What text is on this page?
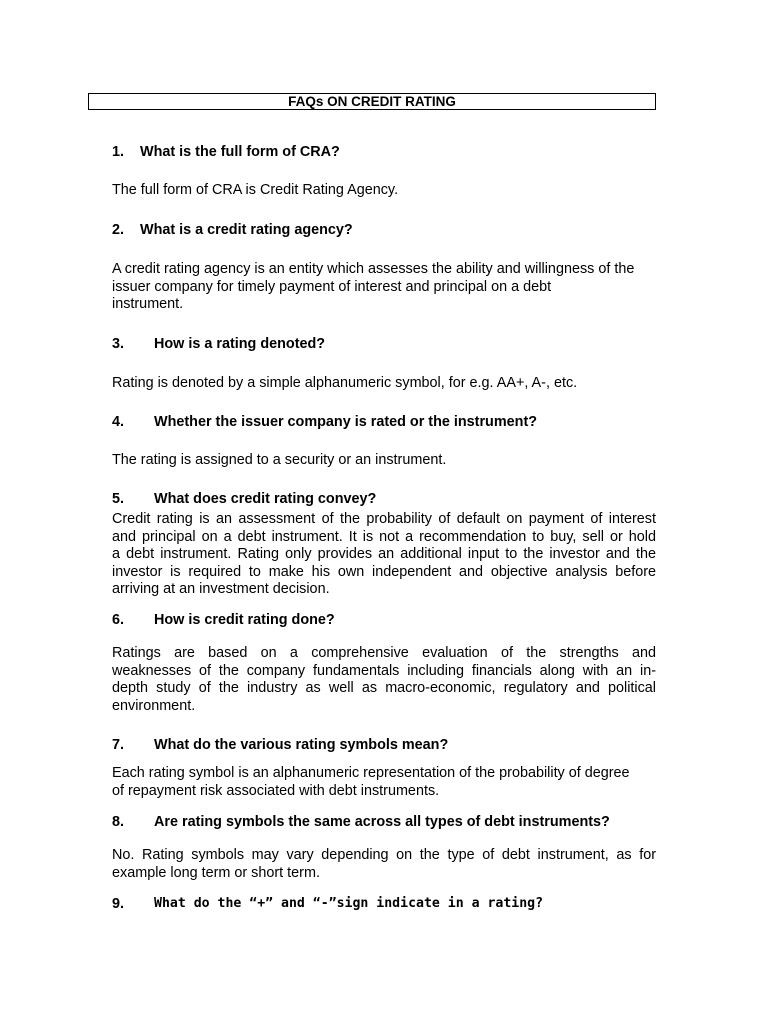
FAQs ON CREDIT RATING
1. What is the full form of CRA?
The full form of CRA is Credit Rating Agency.
2. What is a credit rating agency?
A credit rating agency is an entity which assesses the ability and willingness of the
issuer company for timely payment of interest and principal on a debt
instrument.
3. How is a rating denoted?
Rating is denoted by a simple alphanumeric symbol, for e.g. AA+, A-, etc.
4. Whether the issuer company is rated or the instrument?
The rating is assigned to a security or an instrument.
5. What does credit rating convey?
Credit rating is an assessment of the probability of default on payment of interest
and principal on a debt instrument. It is not a recommendation to buy, sell or hold
a debt instrument. Rating only provides an additional input to the investor and the
investor is required to make his own independent and objective analysis before
arriving at an investment decision.
6. How is credit rating done?
Ratings are based on a comprehensive evaluation of the strengths and
weaknesses of the company fundamentals including financials along with an in-
depth study of the industry as well as macro-economic, regulatory and political
environment.
7. What do the various rating symbols mean?
Each rating symbol is an alphanumeric representation of the probability of degree
of repayment risk associated with debt instruments.
8. Are rating symbols the same across all types of debt instruments?
No. Rating symbols may vary depending on the type of debt instrument, as for
example long term or short term.
9. What do the “+” and “-”sign indicate in a rating?
